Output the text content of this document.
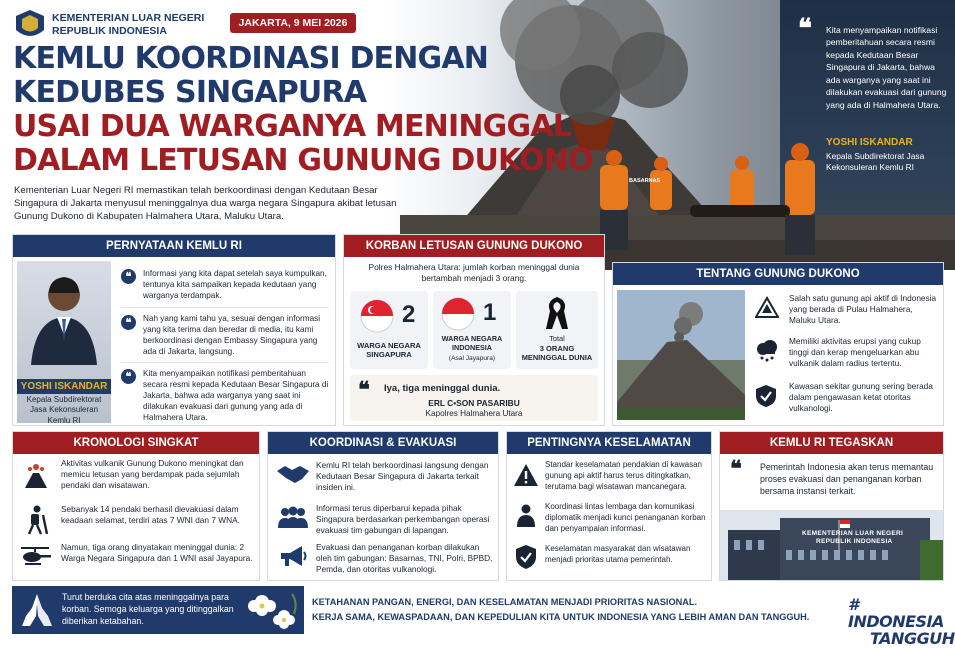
KEMENTERIAN LUAR NEGERI
REPUBLIK INDONESIA
JAKARTA, 9 MEI 2026
KEMLU KOORDINASI DENGAN
KEDUBES SINGAPURA
USAI DUA WARGANYA MENINGGAL
DALAM LETUSAN GUNUNG DUKONO
Kementerian Luar Negeri RI memastikan telah berkoordinasi dengan Kedutaan Besar Singapura di Jakarta menyusul meninggalnya dua warga negara Singapura akibat letusan Gunung Dukono di Kabupaten Halmahera Utara, Maluku Utara.
❝ Kita menyampaikan notifikasi pemberitahuan secara resmi kepada Kedutaan Besar Singapura di Jakarta, bahwa ada warganya yang saat ini dilakukan evakuasi dari gunung yang ada di Halmahera Utara.
YOSHI ISKANDAR
Kepala Subdirektorat Jasa Kekonsuleran Kemlu RI
BASARNAS
PERNYATAAN KEMLU RI
YOSHI ISKANDAR
Kepala Subdirektorat Jasa Kekonsuleran Kemlu RI
❝	Informasi yang kita dapat setelah saya kumpulkan, tentunya kita sampaikan kepada kedutaan yang warganya terdampak.
❝	Nah yang kami tahu ya, sesuai dengan informasi yang kita terima dan beredar di media, itu kami berkoordinasi dengan Embassy Singapura yang ada di Jakarta, langsung.
❝	Kita menyampaikan notifikasi pemberitahuan secara resmi kepada Kedutaan Besar Singapura di Jakarta, bahwa ada warganya yang saat ini dilakukan evakuasi dari gunung yang ada di Halmahera Utara.
KORBAN LETUSAN GUNUNG DUKONO
Polres Halmahera Utara: jumlah korban meninggal dunia bertambah menjadi 3 orang.
2
WARGA NEGARA SINGAPURA
1
WARGA NEGARA INDONESIA
(Asal Jayapura)
Total
3 ORANG
MENINGGAL DUNIA
❝ Iya, tiga meninggal dunia.
ERL C•SON PASARIBU
Kapolres Halmahera Utara
TENTANG GUNUNG DUKONO
Salah satu gunung api aktif di Indonesia yang berada di Pulau Halmahera, Maluku Utara.
Memiliki aktivitas erupsi yang cukup tinggi dan kerap mengeluarkan abu vulkanik dalam radius tertentu.
Kawasan sekitar gunung sering berada dalam pengawasan ketat otoritas vulkanologi.
KRONOLOGI SINGKAT
Aktivitas vulkanik Gunung Dukono meningkat dan memicu letusan yang berdampak pada sejumlah pendaki dan wisatawan.
Sebanyak 14 pendaki berhasil dievakuasi dalam keadaan selamat, terdiri atas 7 WNI dan 7 WNA.
Namun, tiga orang dinyatakan meninggal dunia: 2 Warga Negara Singapura dan 1 WNI asal Jayapura.
KOORDINASI & EVAKUASI
Kemlu RI telah berkoordinasi langsung dengan Kedutaan Besar Singapura di Jakarta terkait insiden ini.
Informasi terus diperbarui kepada pihak Singapura berdasarkan perkembangan operasi evakuasi tim gabungan di lapangan.
Evakuasi dan penanganan korban dilakukan oleh tim gabungan: Basarnas, TNI, Polri, BPBD, Pemda, dan otoritas vulkanologi.
PENTINGNYA KESELAMATAN
Standar keselamatan pendakian di kawasan gunung api aktif harus terus ditingkatkan, terutama bagi wisatawan mancanegara.
Koordinasi lintas lembaga dan komunikasi diplomatik menjadi kunci penanganan korban dan penyampaian informasi.
Keselamatan masyarakat dan wisatawan menjadi prioritas utama pemerintah.
KEMLU RI TEGASKAN
❝ Pemerintah Indonesia akan terus memantau proses evakuasi dan penanganan korban bersama instansi terkait.
KEMENTERIAN LUAR NEGERI
REPUBLIK INDONESIA
Turut berduka cita atas meninggalnya para korban. Semoga keluarga yang ditinggalkan diberikan ketabahan.
KETAHANAN PANGAN, ENERGI, DAN KESELAMATAN MENJADI PRIORITAS NASIONAL.
KERJA SAMA, KEWASPADAAN, DAN KEPEDULIAN KITA UNTUK INDONESIA YANG LEBIH AMAN DAN TANGGUH.
# INDONESIA
TANGGUH
